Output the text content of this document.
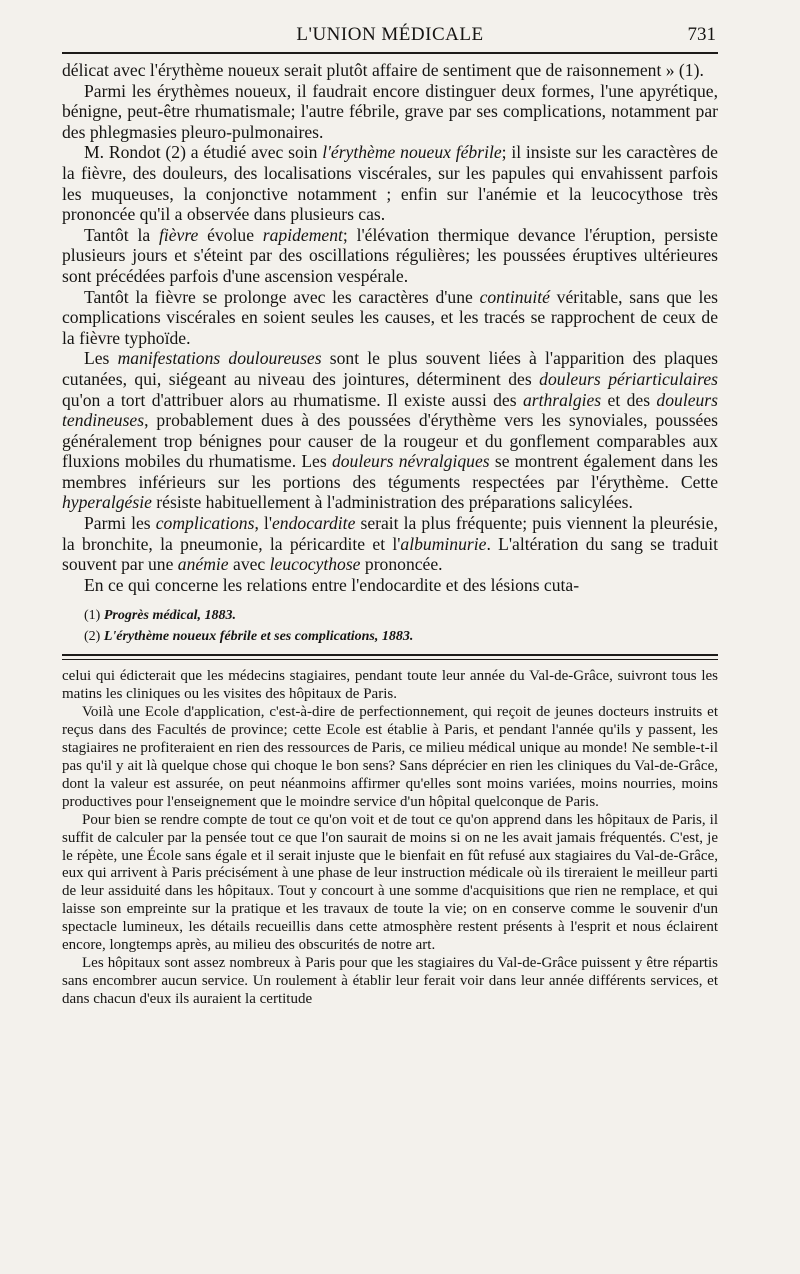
L'UNION MÉDICALE	731

délicat avec l'érythème noueux serait plutôt affaire de sentiment que de raisonnement » (1).

Parmi les érythèmes noueux, il faudrait encore distinguer deux formes, l'une apyrétique, bénigne, peut-être rhumatismale; l'autre fébrile, grave par ses complications, notamment par des phlegmasies pleuro-pulmonaires.

M. Rondot (2) a étudié avec soin l'érythème noueux fébrile; il insiste sur les caractères de la fièvre, des douleurs, des localisations viscérales, sur les papules qui envahissent parfois les muqueuses, la conjonctive notamment ; enfin sur l'anémie et la leucocythose très prononcée qu'il a observée dans plusieurs cas.

Tantôt la fièvre évolue rapidement; l'élévation thermique devance l'éruption, persiste plusieurs jours et s'éteint par des oscillations régulières; les poussées éruptives ultérieures sont précédées parfois d'une ascension vespérale.

Tantôt la fièvre se prolonge avec les caractères d'une continuité véritable, sans que les complications viscérales en soient seules les causes, et les tracés se rapprochent de ceux de la fièvre typhoïde.

Les manifestations douloureuses sont le plus souvent liées à l'apparition des plaques cutanées, qui, siégeant au niveau des jointures, déterminent des douleurs périarticulaires qu'on a tort d'attribuer alors au rhumatisme. Il existe aussi des arthralgies et des douleurs tendineuses, probablement dues à des poussées d'érythème vers les synoviales, poussées généralement trop bénignes pour causer de la rougeur et du gonflement comparables aux fluxions mobiles du rhumatisme. Les douleurs névralgiques se montrent également dans les membres inférieurs sur les portions des téguments respectées par l'érythème. Cette hyperalgésie résiste habituellement à l'administration des préparations salicylées.

Parmi les complications, l'endocardite serait la plus fréquente; puis viennent la pleurésie, la bronchite, la pneumonie, la péricardite et l'albuminurie. L'altération du sang se traduit souvent par une anémie avec leucocythose prononcée.

En ce qui concerne les relations entre l'endocardite et des lésions cuta-

(1) Progrès médical, 1883.

(2) L'érythème noueux fébrile et ses complications, 1883.

celui qui édicterait que les médecins stagiaires, pendant toute leur année du Val-de-Grâce, suivront tous les matins les cliniques ou les visites des hôpitaux de Paris.

Voilà une Ecole d'application, c'est-à-dire de perfectionnement, qui reçoit de jeunes docteurs instruits et reçus dans des Facultés de province; cette Ecole est établie à Paris, et pendant l'année qu'ils y passent, les stagiaires ne profiteraient en rien des ressources de Paris, ce milieu médical unique au monde! Ne semble-t-il pas qu'il y ait là quelque chose qui choque le bon sens? Sans déprécier en rien les cliniques du Val-de-Grâce, dont la valeur est assurée, on peut néanmoins affirmer qu'elles sont moins variées, moins nourries, moins productives pour l'enseignement que le moindre service d'un hôpital quelconque de Paris.

Pour bien se rendre compte de tout ce qu'on voit et de tout ce qu'on apprend dans les hôpitaux de Paris, il suffit de calculer par la pensée tout ce que l'on saurait de moins si on ne les avait jamais fréquentés. C'est, je le répète, une École sans égale et il serait injuste que le bienfait en fût refusé aux stagiaires du Val-de-Grâce, eux qui arrivent à Paris précisément à une phase de leur instruction médicale où ils tireraient le meilleur parti de leur assiduité dans les hôpitaux. Tout y concourt à une somme d'acquisitions que rien ne remplace, et qui laisse son empreinte sur la pratique et les travaux de toute la vie; on en conserve comme le souvenir d'un spectacle lumineux, les détails recueillis dans cette atmosphère restent présents à l'esprit et nous éclairent encore, longtemps après, au milieu des obscurités de notre art.

Les hôpitaux sont assez nombreux à Paris pour que les stagiaires du Val-de-Grâce puissent y être répartis sans encombrer aucun service. Un roulement à établir leur ferait voir dans leur année différents services, et dans chacun d'eux ils auraient la certitude
